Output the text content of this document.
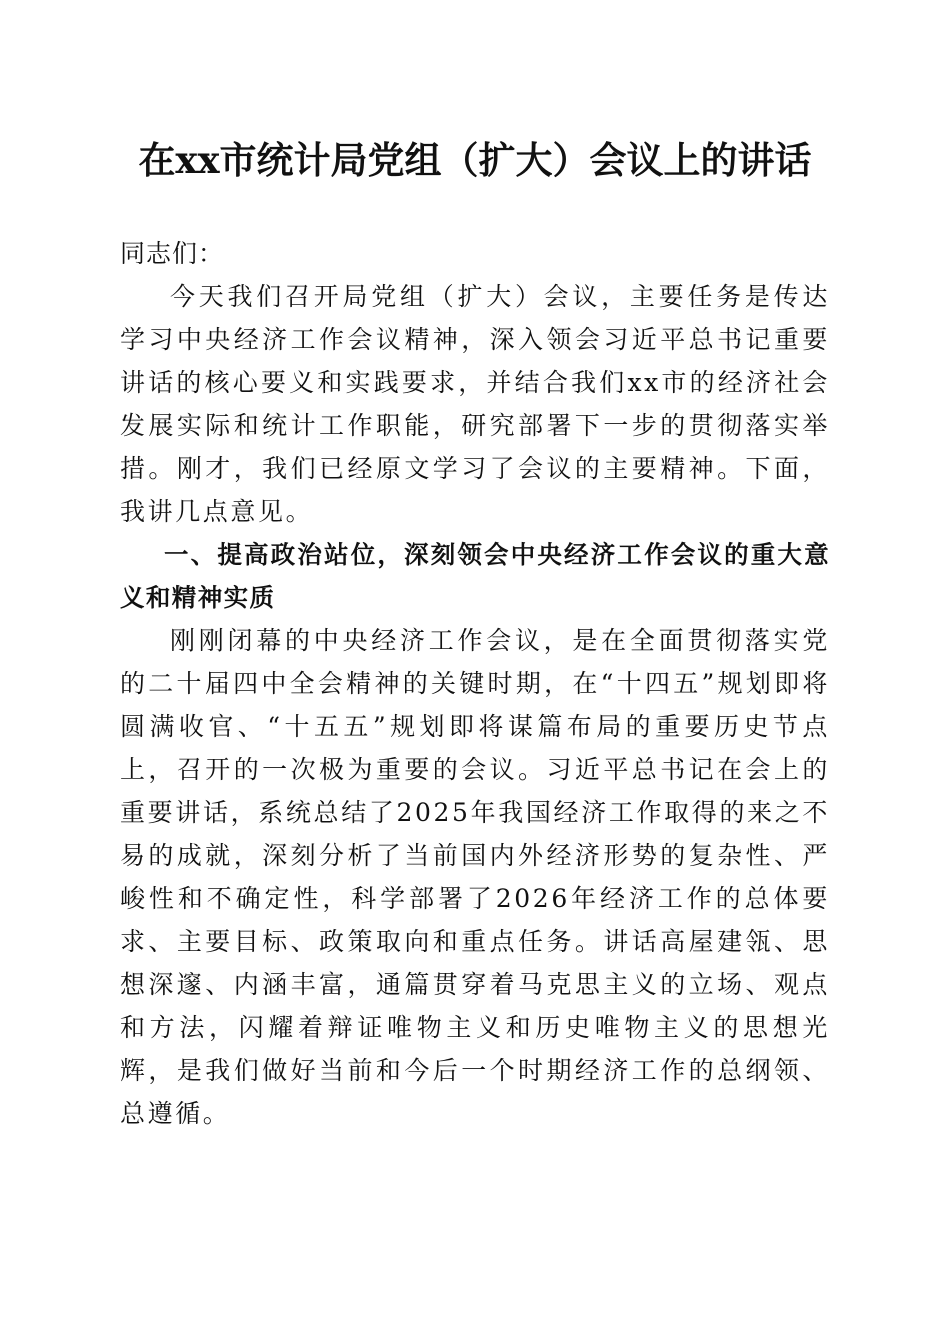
在xx市统计局党组（扩大）会议上的讲话

同志们：

今天我们召开局党组（扩大）会议，主要任务是传达学习中央经济工作会议精神，深入领会习近平总书记重要讲话的核心要义和实践要求，并结合我们xx市的经济社会发展实际和统计工作职能，研究部署下一步的贯彻落实举措。刚才，我们已经原文学习了会议的主要精神。下面，我讲几点意见。

一、提高政治站位，深刻领会中央经济工作会议的重大意义和精神实质

刚刚闭幕的中央经济工作会议，是在全面贯彻落实党的二十届四中全会精神的关键时期，在“十四五”规划即将圆满收官、“十五五”规划即将谋篇布局的重要历史节点上，召开的一次极为重要的会议。习近平总书记在会上的重要讲话，系统总结了2025年我国经济工作取得的来之不易的成就，深刻分析了当前国内外经济形势的复杂性、严峻性和不确定性，科学部署了2026年经济工作的总体要求、主要目标、政策取向和重点任务。讲话高屋建瓴、思想深邃、内涵丰富，通篇贯穿着马克思主义的立场、观点和方法，闪耀着辩证唯物主义和历史唯物主义的思想光辉，是我们做好当前和今后一个时期经济工作的总纲领、总遵循。
